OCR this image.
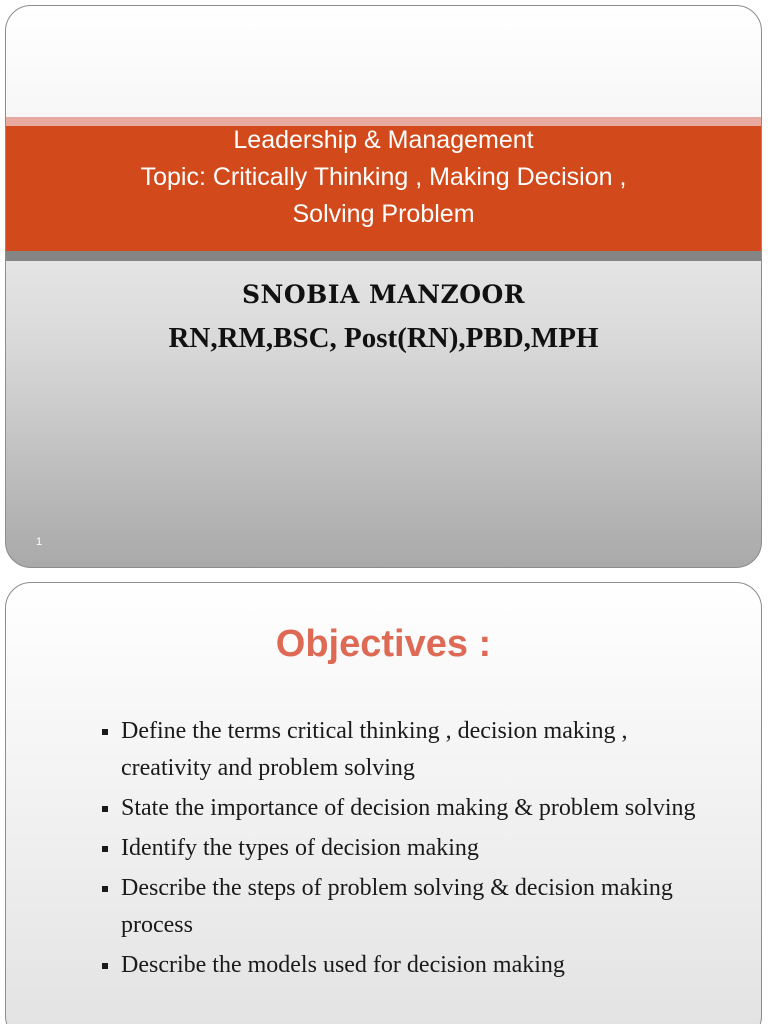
Leadership & Management
Topic: Critically Thinking , Making Decision ,
Solving Problem
SNOBIA MANZOOR
RN,RM,BSC, Post(RN),PBD,MPH
1
Objectives :
Define the terms critical thinking , decision making , creativity and problem solving
State the importance of decision making & problem solving
Identify the types of decision making
Describe the steps of problem solving & decision making process
Describe the models used for decision making
